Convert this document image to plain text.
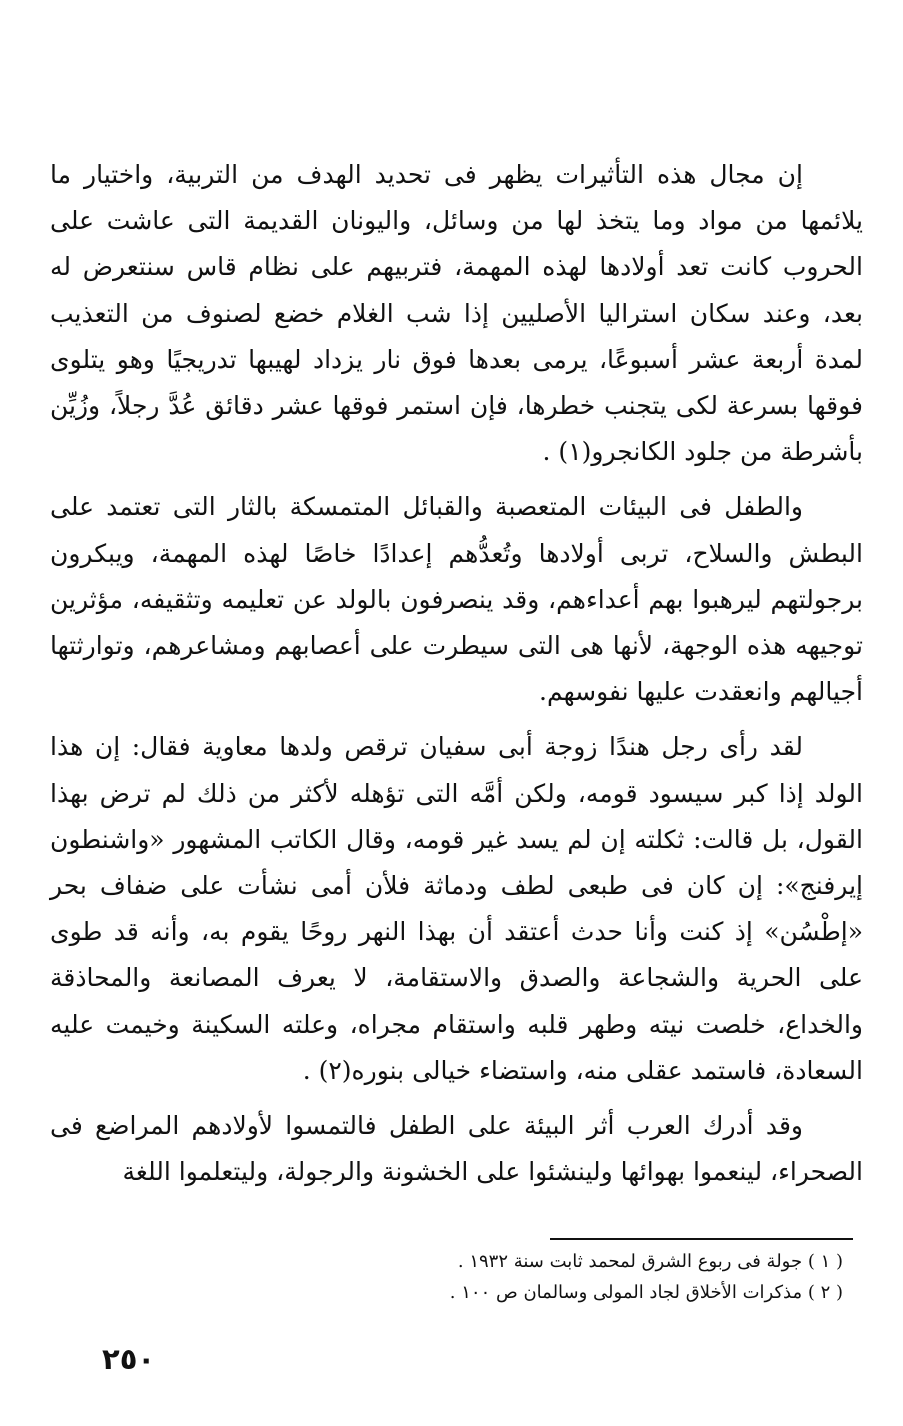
إن مجال هذه التأثيرات يظهر فى تحديد الهدف من التربية، واختيار ما يلائمها من مواد وما يتخذ لها من وسائل، واليونان القديمة التى عاشت على الحروب كانت تعد أولادها لهذه المهمة، فتربيهم على نظام قاس سنتعرض له بعد، وعند سكان استراليا الأصليين إذا شب الغلام خضع لصنوف من التعذيب لمدة أربعة عشر أسبوعًا، يرمى بعدها فوق نار يزداد لهيبها تدريجيًا وهو يتلوى فوقها بسرعة لكى يتجنب خطرها، فإن استمر فوقها عشر دقائق عُدَّ رجلاً، وزُيِّن بأشرطة من جلود الكانجرو(١) .

والطفل فى البيئات المتعصبة والقبائل المتمسكة بالثار التى تعتمد على البطش والسلاح، تربى أولادها وتُعدُّهم إعدادًا خاصًا لهذه المهمة، ويبكرون برجولتهم ليرهبوا بهم أعداءهم، وقد ينصرفون بالولد عن تعليمه وتثقيفه، مؤثرين توجيهه هذه الوجهة، لأنها هى التى سيطرت على أعصابهم ومشاعرهم، وتوارثتها أجيالهم وانعقدت عليها نفوسهم.

لقد رأى رجل هندًا زوجة أبى سفيان ترقص ولدها معاوية فقال: إن هذا الولد إذا كبر سيسود قومه، ولكن أمَّه التى تؤهله لأكثر من ذلك لم ترض بهذا القول، بل قالت: ثكلته إن لم يسد غير قومه، وقال الكاتب المشهور «واشنطون إيرفنج»: إن كان فى طبعى لطف ودماثة فلأن أمى نشأت على ضفاف بحر «إطْسُن» إذ كنت وأنا حدث أعتقد أن بهذا النهر روحًا يقوم به، وأنه قد طوى على الحرية والشجاعة والصدق والاستقامة، لا يعرف المصانعة والمحاذقة والخداع، خلصت نيته وطهر قلبه واستقام مجراه، وعلته السكينة وخيمت عليه السعادة، فاستمد عقلى منه، واستضاء خيالى بنوره(٢) .

وقد أدرك العرب أثر البيئة على الطفل فالتمسوا لأولادهم المراضع فى الصحراء، لينعموا بهوائها ولينشئوا على الخشونة والرجولة، وليتعلموا اللغة

( ١ ) جولة فى ربوع الشرق لمحمد ثابت سنة ١٩٣٢ .
( ٢ ) مذكرات الأخلاق لجاد المولى وسالمان ص ١٠٠ .
٢٥٠
